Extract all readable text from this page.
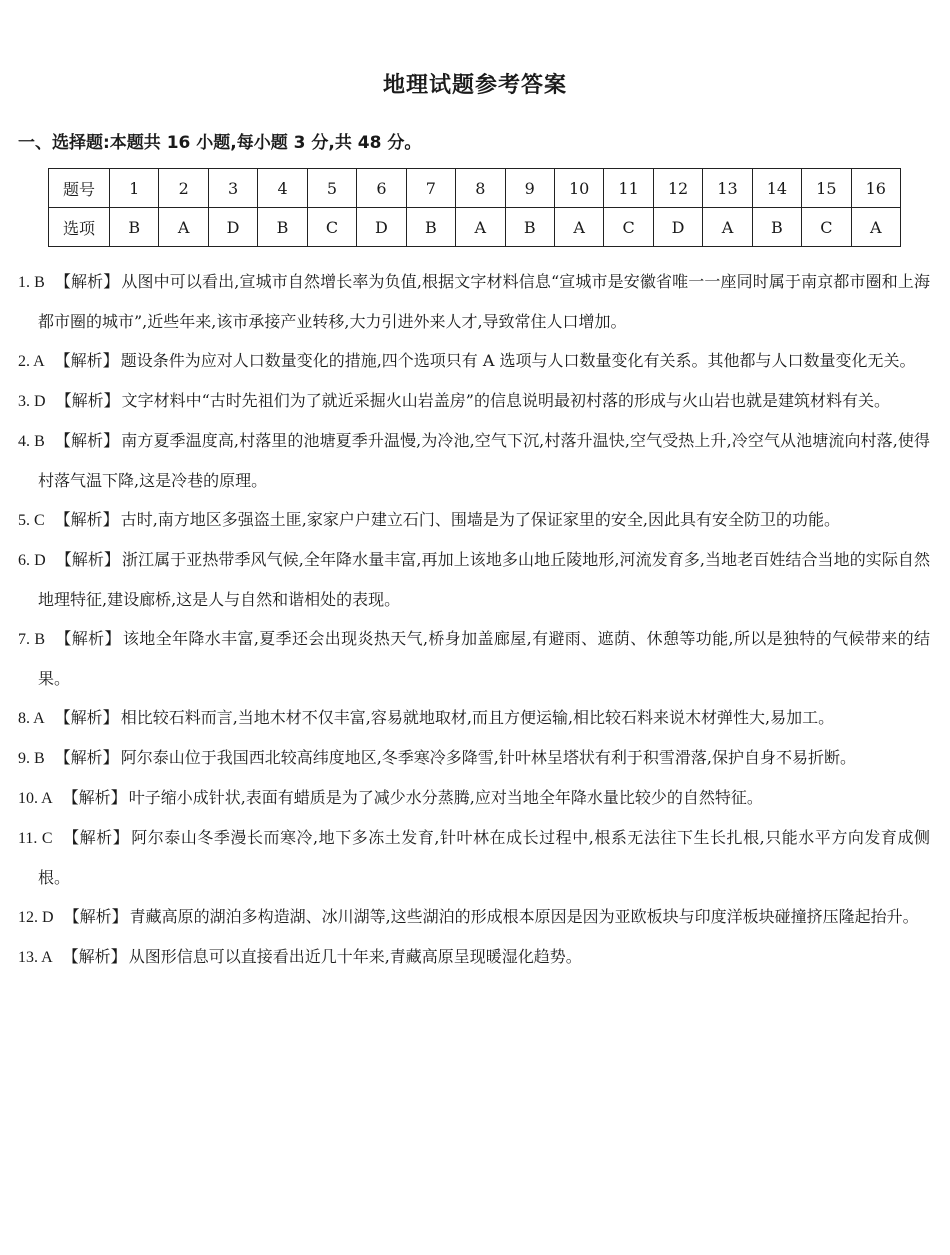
地理试题参考答案
一、选择题:本题共 16 小题,每小题 3 分,共 48 分。
题号	1	2	3	4	5	6	7	8	9	10	11	12	13	14	15	16
选项	B	A	D	B	C	D	B	A	B	A	C	D	A	B	C	A
1. B 【解析】 从图中可以看出,宣城市自然增长率为负值,根据文字材料信息“宣城市是安徽省唯一一座同时属于南京都市圈和上海都市圈的城市”,近些年来,该市承接产业转移,大力引进外来人才,导致常住人口增加。
2. A 【解析】 题设条件为应对人口数量变化的措施,四个选项只有 A 选项与人口数量变化有关系。其他都与人口数量变化无关。
3. D 【解析】 文字材料中“古时先祖们为了就近采掘火山岩盖房”的信息说明最初村落的形成与火山岩也就是建筑材料有关。
4. B 【解析】 南方夏季温度高,村落里的池塘夏季升温慢,为冷池,空气下沉,村落升温快,空气受热上升,冷空气从池塘流向村落,使得村落气温下降,这是冷巷的原理。
5. C 【解析】 古时,南方地区多强盗土匪,家家户户建立石门、围墙是为了保证家里的安全,因此具有安全防卫的功能。
6. D 【解析】 浙江属于亚热带季风气候,全年降水量丰富,再加上该地多山地丘陵地形,河流发育多,当地老百姓结合当地的实际自然地理特征,建设廊桥,这是人与自然和谐相处的表现。
7. B 【解析】 该地全年降水丰富,夏季还会出现炎热天气,桥身加盖廊屋,有避雨、遮荫、休憩等功能,所以是独特的气候带来的结果。
8. A 【解析】 相比较石料而言,当地木材不仅丰富,容易就地取材,而且方便运输,相比较石料来说木材弹性大,易加工。
9. B 【解析】 阿尔泰山位于我国西北较高纬度地区,冬季寒冷多降雪,针叶林呈塔状有利于积雪滑落,保护自身不易折断。
10. A 【解析】 叶子缩小成针状,表面有蜡质是为了减少水分蒸腾,应对当地全年降水量比较少的自然特征。
11. C 【解析】 阿尔泰山冬季漫长而寒冷,地下多冻土发育,针叶林在成长过程中,根系无法往下生长扎根,只能水平方向发育成侧根。
12. D 【解析】 青藏高原的湖泊多构造湖、冰川湖等,这些湖泊的形成根本原因是因为亚欧板块与印度洋板块碰撞挤压隆起抬升。
13. A 【解析】 从图形信息可以直接看出近几十年来,青藏高原呈现暖湿化趋势。
